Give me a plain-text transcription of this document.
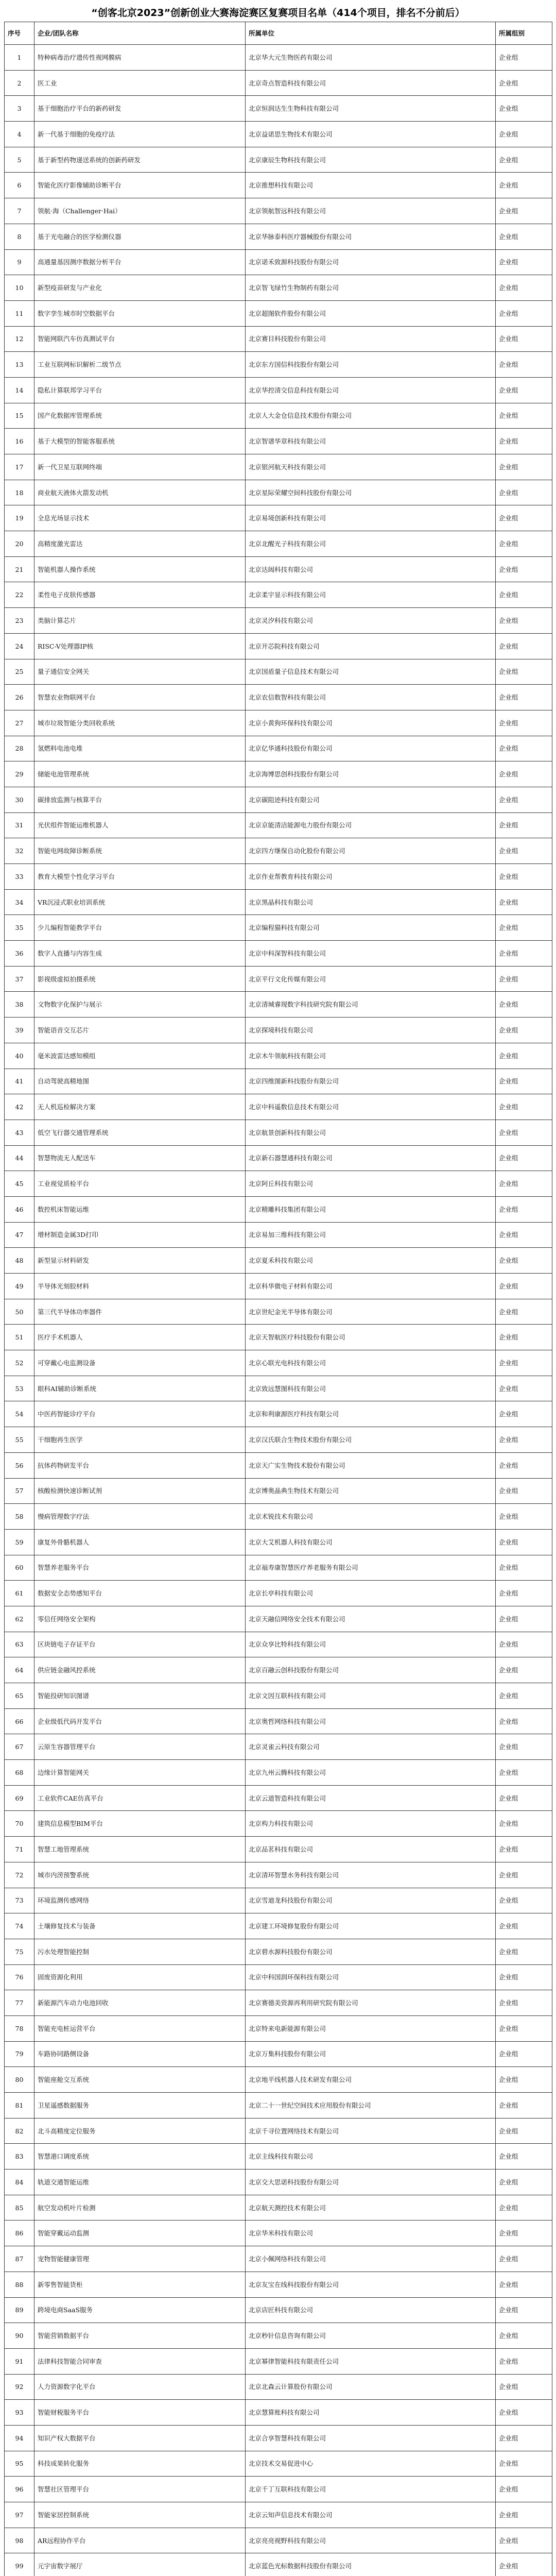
“创客北京2023”创新创业大赛海淀赛区复赛项目名单（414个项目，排名不分前后）
序号	企业/团队名称	所属单位	所属组别
1	特种病毒治疗遗传性视网膜病	北京华大元生物医药有限公司	企业组
2	医工业	北京奇点智造科技有限公司	企业组
3	基于细胞治疗平台的新药研发	北京恒润达生生物科技有限公司	企业组
4	新一代基于细胞的免疫疗法	北京益诺思生物技术有限公司	企业组
5	基于新型药物递送系统的创新药研发	北京康辰生物科技有限公司	企业组
6	智能化医疗影像辅助诊断平台	北京推想科技有限公司	企业组
7	领航·海（Challenger·Hai）	北京领航智远科技有限公司	企业组
8	基于光电融合的医学检测仪器	北京华脉泰科医疗器械股份有限公司	企业组
9	高通量基因测序数据分析平台	北京诺禾致源科技股份有限公司	企业组
10	新型疫苗研发与产业化	北京智飞绿竹生物制药有限公司	企业组
11	数字孪生城市时空数据平台	北京超图软件股份有限公司	企业组
12	智能网联汽车仿真测试平台	北京赛目科技股份有限公司	企业组
13	工业互联网标识解析二级节点	北京东方国信科技股份有限公司	企业组
14	隐私计算联邦学习平台	北京华控清交信息科技有限公司	企业组
15	国产化数据库管理系统	北京人大金仓信息技术股份有限公司	企业组
16	基于大模型的智能客服系统	北京智谱华章科技有限公司	企业组
17	新一代卫星互联网终端	北京银河航天科技有限公司	企业组
18	商业航天液体火箭发动机	北京星际荣耀空间科技股份有限公司	企业组
19	全息光场显示技术	北京易境创新科技有限公司	企业组
20	高精度激光雷达	北京北醒光子科技有限公司	企业组
21	智能机器人操作系统	北京达闼科技有限公司	企业组
22	柔性电子皮肤传感器	北京柔宇显示科技有限公司	企业组
23	类脑计算芯片	北京灵汐科技有限公司	企业组
24	RISC-V处理器IP核	北京开芯院科技有限公司	企业组
25	量子通信安全网关	北京国盾量子信息技术有限公司	企业组
26	智慧农业物联网平台	北京农信数智科技有限公司	企业组
27	城市垃圾智能分类回收系统	北京小黄狗环保科技有限公司	企业组
28	氢燃料电池电堆	北京亿华通科技股份有限公司	企业组
29	储能电池管理系统	北京海博思创科技股份有限公司	企业组
30	碳排放监测与核算平台	北京碳阻迹科技有限公司	企业组
31	光伏组件智能运维机器人	北京京能清洁能源电力股份有限公司	企业组
32	智能电网故障诊断系统	北京四方继保自动化股份有限公司	企业组
33	教育大模型个性化学习平台	北京作业帮教育科技有限公司	企业组
34	VR沉浸式职业培训系统	北京黑晶科技有限公司	企业组
35	少儿编程智能教学平台	北京编程猫科技有限公司	企业组
36	数字人直播与内容生成	北京中科深智科技有限公司	企业组
37	影视级虚拟拍摄系统	北京平行文化传媒有限公司	企业组
38	文物数字化保护与展示	北京清城睿现数字科技研究院有限公司	企业组
39	智能语音交互芯片	北京探境科技有限公司	企业组
40	毫米波雷达感知模组	北京木牛领航科技有限公司	企业组
41	自动驾驶高精地图	北京四维图新科技股份有限公司	企业组
42	无人机巡检解决方案	北京中科遥数信息技术有限公司	企业组
43	低空飞行器交通管理系统	北京航景创新科技有限公司	企业组
44	智慧物流无人配送车	北京新石器慧通科技有限公司	企业组
45	工业视觉质检平台	北京阿丘科技有限公司	企业组
46	数控机床智能运维	北京精雕科技集团有限公司	企业组
47	增材制造金属3D打印	北京易加三维科技有限公司	企业组
48	新型显示材料研发	北京夏禾科技有限公司	企业组
49	半导体光刻胶材料	北京科华微电子材料有限公司	企业组
50	第三代半导体功率器件	北京世纪金光半导体有限公司	企业组
51	医疗手术机器人	北京天智航医疗科技股份有限公司	企业组
52	可穿戴心电监测设备	北京心联光电科技有限公司	企业组
53	眼科AI辅助诊断系统	北京致远慧图科技有限公司	企业组
54	中医药智能诊疗平台	北京和利康源医疗科技有限公司	企业组
55	干细胞再生医学	北京汉氏联合生物技术股份有限公司	企业组
56	抗体药物研发平台	北京天广实生物技术股份有限公司	企业组
57	核酸检测快速诊断试剂	北京博奥晶典生物技术有限公司	企业组
58	慢病管理数字疗法	北京术锐技术有限公司	企业组
59	康复外骨骼机器人	北京大艾机器人科技有限公司	企业组
60	智慧养老服务平台	北京福寿康智慧医疗养老服务有限公司	企业组
61	数据安全态势感知平台	北京长亭科技有限公司	企业组
62	零信任网络安全架构	北京天融信网络安全技术有限公司	企业组
63	区块链电子存证平台	北京众享比特科技有限公司	企业组
64	供应链金融风控系统	北京百融云创科技股份有限公司	企业组
65	智能投研知识图谱	北京文因互联科技有限公司	企业组
66	企业级低代码开发平台	北京奥哲网络科技有限公司	企业组
67	云原生容器管理平台	北京灵雀云科技有限公司	企业组
68	边缘计算智能网关	北京九州云腾科技有限公司	企业组
69	工业软件CAE仿真平台	北京云道智造科技有限公司	企业组
70	建筑信息模型BIM平台	北京构力科技有限公司	企业组
71	智慧工地管理系统	北京品茗科技有限公司	企业组
72	城市内涝预警系统	北京清环智慧水务科技有限公司	企业组
73	环境监测传感网络	北京雪迪龙科技股份有限公司	企业组
74	土壤修复技术与装备	北京建工环境修复股份有限公司	企业组
75	污水处理智能控制	北京碧水源科技股份有限公司	企业组
76	固废资源化利用	北京中科国润环保科技有限公司	企业组
77	新能源汽车动力电池回收	北京赛德美资源再利用研究院有限公司	企业组
78	智能充电桩运营平台	北京特来电新能源有限公司	企业组
79	车路协同路侧设备	北京万集科技股份有限公司	企业组
80	智能座舱交互系统	北京地平线机器人技术研发有限公司	企业组
81	卫星遥感数据服务	北京二十一世纪空间技术应用股份有限公司	企业组
82	北斗高精度定位服务	北京千寻位置网络技术有限公司	企业组
83	智慧港口调度系统	北京主线科技有限公司	企业组
84	轨道交通智能运维	北京交大思诺科技股份有限公司	企业组
85	航空发动机叶片检测	北京航天测控技术有限公司	企业组
86	智能穿戴运动监测	北京华米科技有限公司	企业组
87	宠物智能健康管理	北京小佩网络科技有限公司	企业组
88	新零售智能货柜	北京友宝在线科技股份有限公司	企业组
89	跨境电商SaaS服务	北京店匠科技有限公司	企业组
90	智能营销数据平台	北京秒针信息咨询有限公司	企业组
91	法律科技智能合同审查	北京幂律智能科技有限责任公司	企业组
92	人力资源数字化平台	北京北森云计算股份有限公司	企业组
93	智能财税服务平台	北京慧算账科技有限公司	企业组
94	知识产权大数据平台	北京合享智慧科技有限公司	企业组
95	科技成果转化服务	北京技术交易促进中心	企业组
96	智慧社区管理平台	北京千丁互联科技有限公司	企业组
97	智能家居控制系统	北京云知声信息技术有限公司	企业组
98	AR远程协作平台	北京亮亮视野科技有限公司	企业组
99	元宇宙数字展厅	北京蓝色光标数据科技股份有限公司	企业组
